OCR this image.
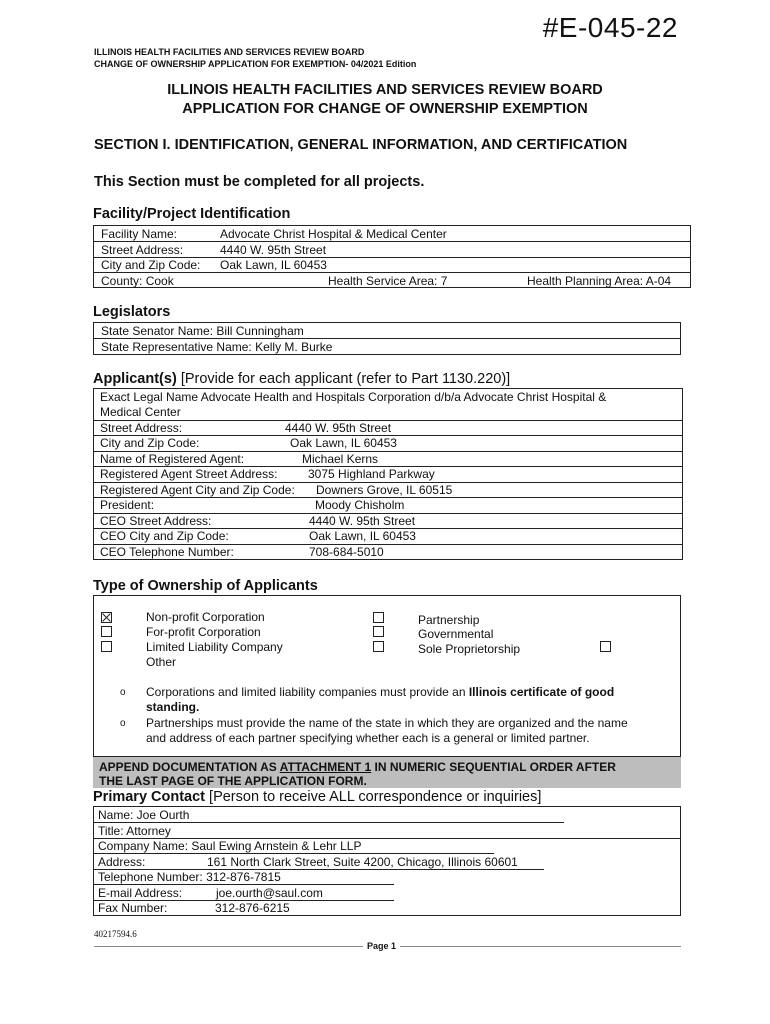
#E-045-22
ILLINOIS HEALTH FACILITIES AND SERVICES REVIEW BOARD
CHANGE OF OWNERSHIP APPLICATION FOR EXEMPTION- 04/2021 Edition
ILLINOIS HEALTH FACILITIES AND SERVICES REVIEW BOARD
APPLICATION FOR CHANGE OF OWNERSHIP EXEMPTION
SECTION I. IDENTIFICATION, GENERAL INFORMATION, AND CERTIFICATION
This Section must be completed for all projects.
Facility/Project Identification
Facility Name:	Advocate Christ Hospital & Medical Center
Street Address:	4440 W. 95th Street
City and Zip Code: Oak Lawn, IL 60453
County: Cook	Health Service Area: 7	Health Planning Area: A-04
Legislators
State Senator Name: Bill Cunningham
State Representative Name: Kelly M. Burke
Applicant(s) [Provide for each applicant (refer to Part 1130.220)]
Exact Legal Name Advocate Health and Hospitals Corporation d/b/a Advocate Christ Hospital &
Medical Center
Street Address:	4440 W. 95th Street
City and Zip Code:	Oak Lawn, IL 60453
Name of Registered Agent:	Michael Kerns
Registered Agent Street Address:	3075 Highland Parkway
Registered Agent City and Zip Code: Downers Grove, IL 60515
President:	Moody Chisholm
CEO Street Address:	4440 W. 95th Street
CEO City and Zip Code:	Oak Lawn, IL 60453
CEO Telephone Number:	708-684-5010
Type of Ownership of Applicants
Non-profit Corporation
For-profit Corporation
Limited Liability Company
Other
Partnership
Governmental
Sole Proprietorship
o Corporations and limited liability companies must provide an Illinois certificate of good
standing.
o Partnerships must provide the name of the state in which they are organized and the name
and address of each partner specifying whether each is a general or limited partner.
APPEND DOCUMENTATION AS ATTACHMENT 1 IN NUMERIC SEQUENTIAL ORDER AFTER
THE LAST PAGE OF THE APPLICATION FORM.
Primary Contact [Person to receive ALL correspondence or inquiries]
Name: Joe Ourth
Title: Attorney
Company Name: Saul Ewing Arnstein & Lehr LLP
Address:	161 North Clark Street, Suite 4200, Chicago, Illinois 60601
Telephone Number: 312-876-7815
E-mail Address:	joe.ourth@saul.com
Fax Number:	312-876-6215
40217594.6
Page 1
